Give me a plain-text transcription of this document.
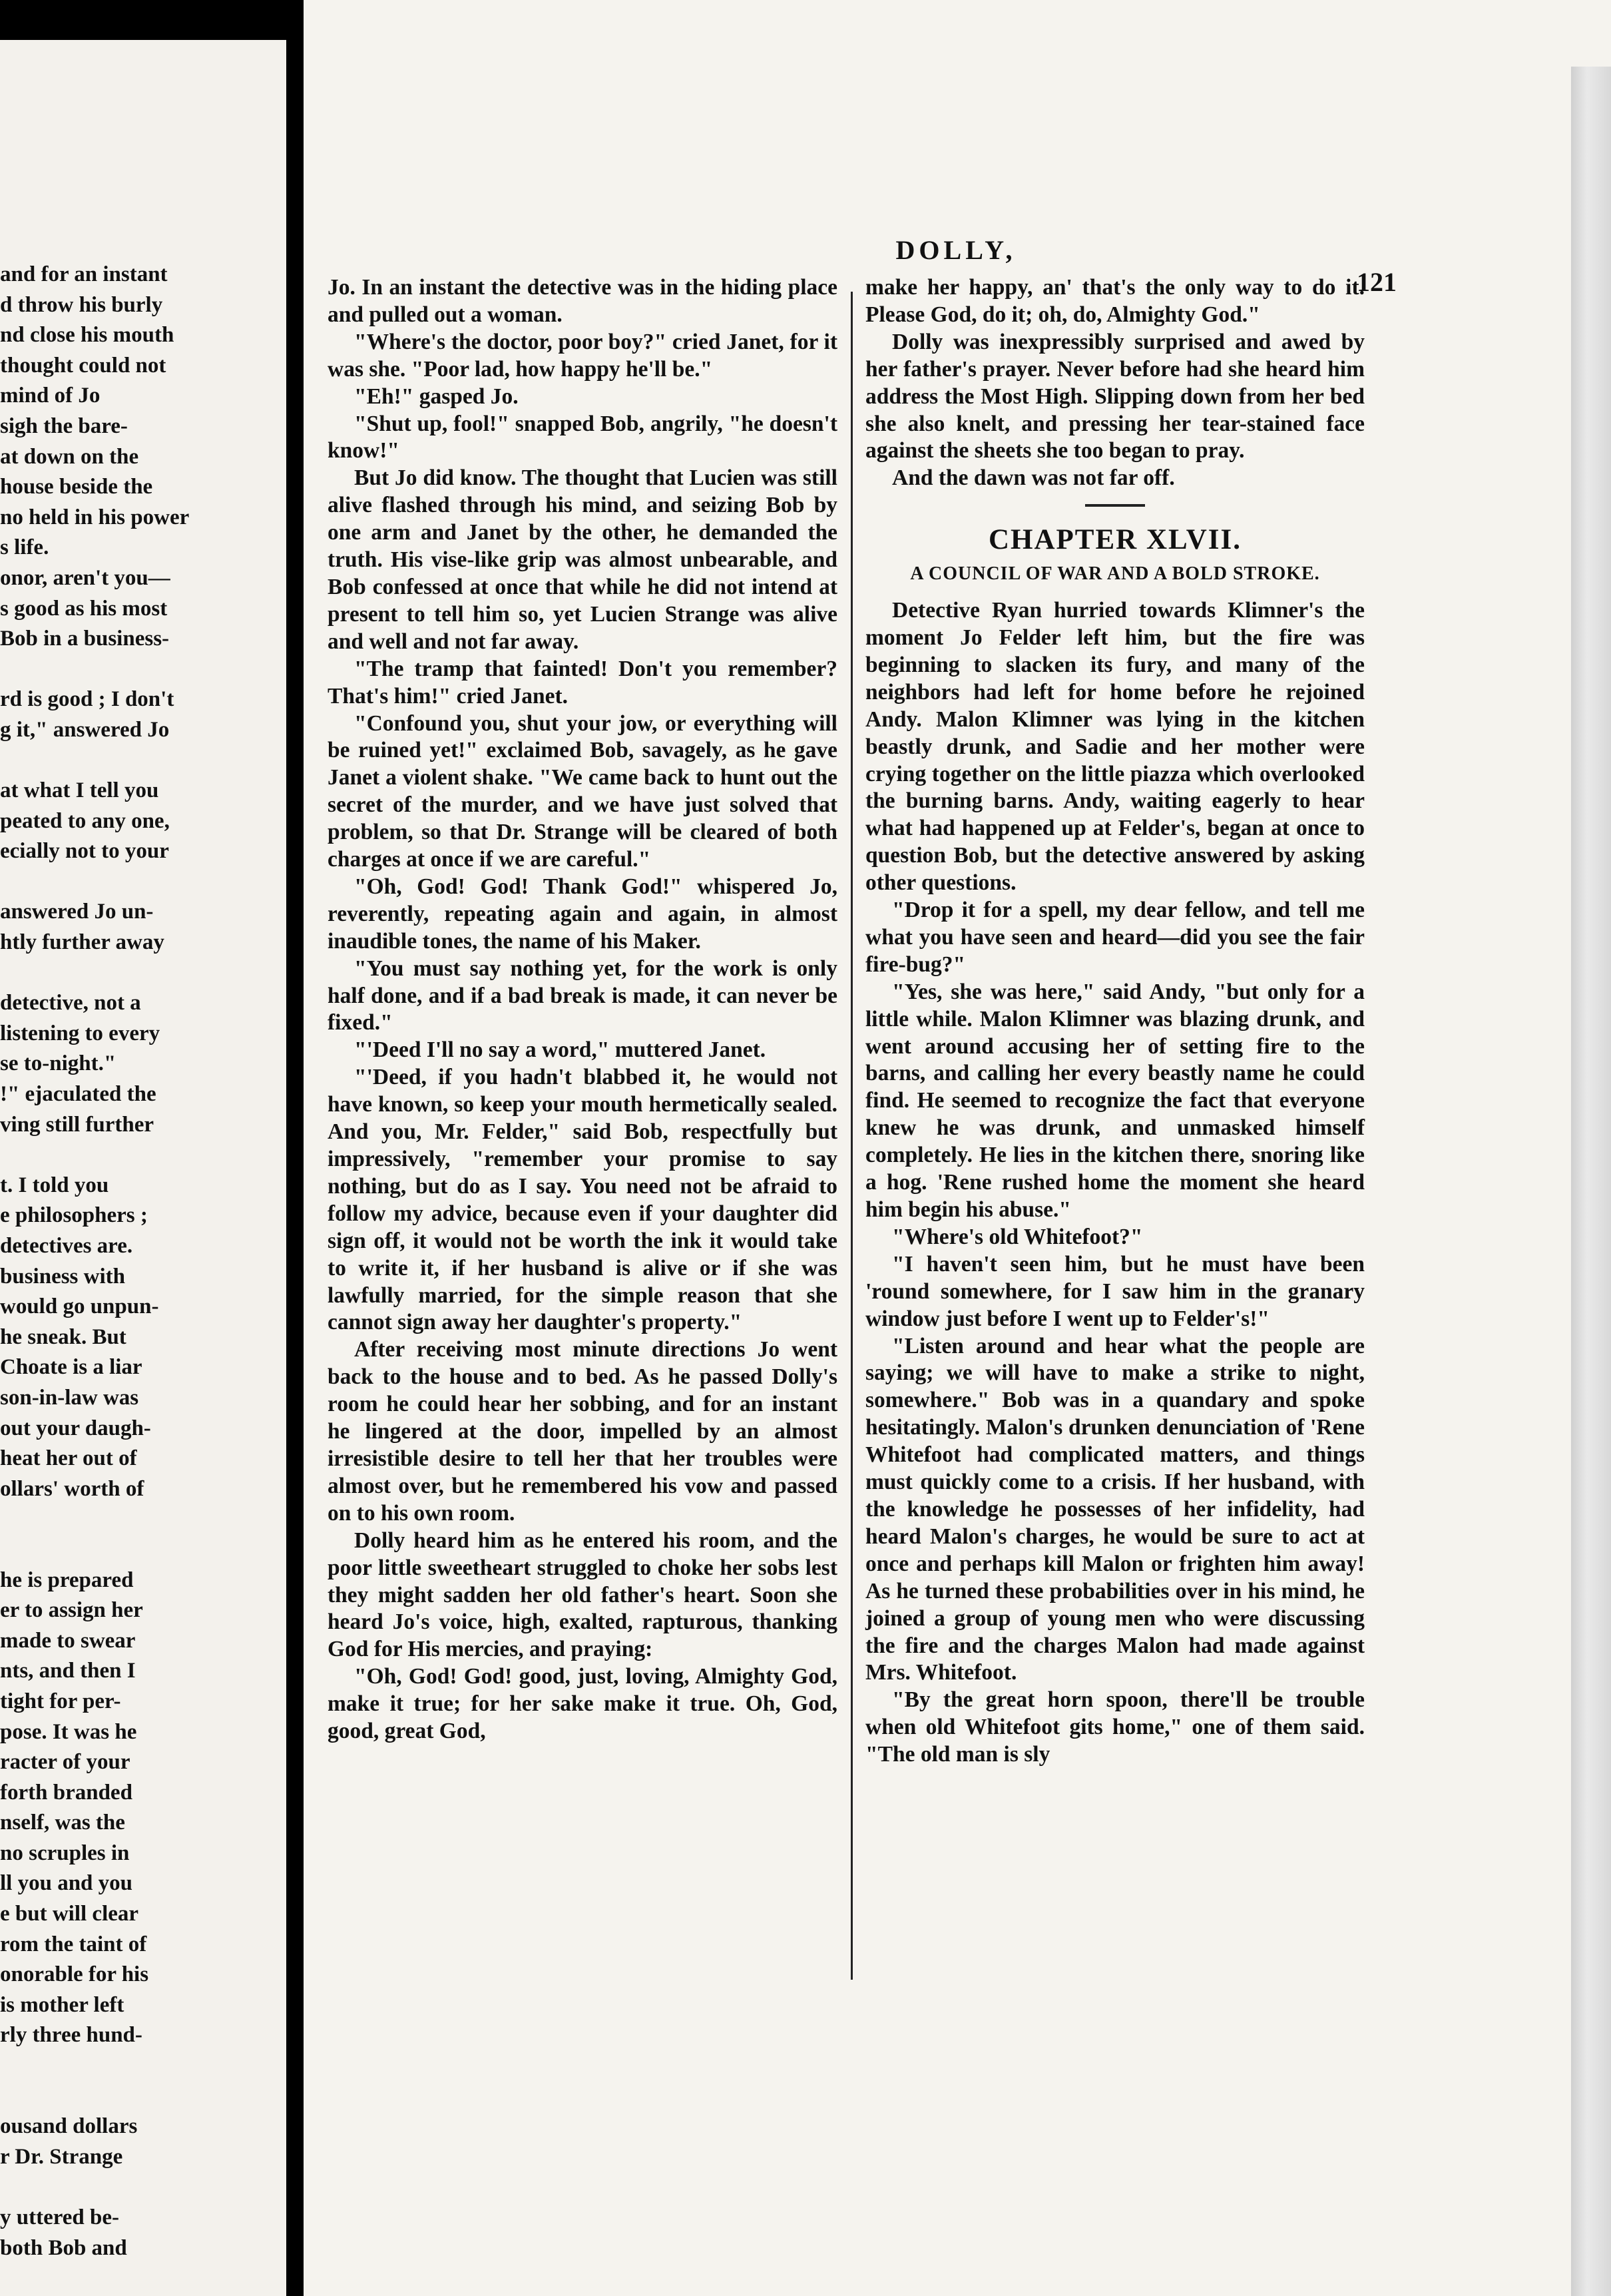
and for an instant
d throw his burly
nd close his mouth
thought could not
mind of Jo
sigh the bare-
at down on the
house beside the
no held in his power
s life.
onor, aren't you—
s good as his most
Bob in a business-
rd is good ; I don't
g it," answered Jo
at what I tell you
peated to any one,
ecially not to your
answered Jo un-
htly further away
detective, not a
listening to every
se to-night."
!" ejaculated the
ving still further
t. I told you
e philosophers ;
detectives are.
business with
would go unpun-
he sneak. But
Choate is a liar
son-in-law was
out your daugh-
heat her out of
ollars' worth of
he is prepared
er to assign her
made to swear
nts, and then I
tight for per-
pose. It was he
racter of your
forth branded
nself, was the
no scruples in
ll you and you
e but will clear
rom the taint of
onorable for his
is mother left
rly three hund-
ousand dollars
r Dr. Strange
y uttered be-
both Bob and
DOLLY,
121

Jo. In an instant the detective was in the hiding place and pulled out a woman.

"Where's the doctor, poor boy?" cried Janet, for it was she. "Poor lad, how happy he'll be."

"Eh!" gasped Jo.

"Shut up, fool!" snapped Bob, angrily, "he doesn't know!"

But Jo did know. The thought that Lucien was still alive flashed through his mind, and seizing Bob by one arm and Janet by the other, he demanded the truth. His vise-like grip was almost unbearable, and Bob confessed at once that while he did not intend at present to tell him so, yet Lucien Strange was alive and well and not far away.

"The tramp that fainted! Don't you remember? That's him!" cried Janet.

"Confound you, shut your jow, or everything will be ruined yet!" exclaimed Bob, savagely, as he gave Janet a violent shake. "We came back to hunt out the secret of the murder, and we have just solved that problem, so that Dr. Strange will be cleared of both charges at once if we are careful."

"Oh, God! God! Thank God!" whispered Jo, reverently, repeating again and again, in almost inaudible tones, the name of his Maker.

"You must say nothing yet, for the work is only half done, and if a bad break is made, it can never be fixed."

"'Deed I'll no say a word," muttered Janet.

"'Deed, if you hadn't blabbed it, he would not have known, so keep your mouth hermetically sealed. And you, Mr. Felder," said Bob, respectfully but impressively, "remember your promise to say nothing, but do as I say. You need not be afraid to follow my advice, because even if your daughter did sign off, it would not be worth the ink it would take to write it, if her husband is alive or if she was lawfully married, for the simple reason that she cannot sign away her daughter's property."

After receiving most minute directions Jo went back to the house and to bed. As he passed Dolly's room he could hear her sobbing, and for an instant he lingered at the door, impelled by an almost irresistible desire to tell her that her troubles were almost over, but he remembered his vow and passed on to his own room.

Dolly heard him as he entered his room, and the poor little sweetheart struggled to choke her sobs lest they might sadden her old father's heart. Soon she heard Jo's voice, high, exalted, rapturous, thanking God for His mercies, and praying:

"Oh, God! God! good, just, loving, Almighty God, make it true; for her sake make it true. Oh, God, good, great God,

make her happy, an' that's the only way to do it. Please God, do it; oh, do, Almighty God."

Dolly was inexpressibly surprised and awed by her father's prayer. Never before had she heard him address the Most High. Slipping down from her bed she also knelt, and pressing her tear-stained face against the sheets she too began to pray.

And the dawn was not far off.

CHAPTER XLVII.
A COUNCIL OF WAR AND A BOLD STROKE.

Detective Ryan hurried towards Klimner's the moment Jo Felder left him, but the fire was beginning to slacken its fury, and many of the neighbors had left for home before he rejoined Andy. Malon Klimner was lying in the kitchen beastly drunk, and Sadie and her mother were crying together on the little piazza which overlooked the burning barns. Andy, waiting eagerly to hear what had happened up at Felder's, began at once to question Bob, but the detective answered by asking other questions.

"Drop it for a spell, my dear fellow, and tell me what you have seen and heard—did you see the fair fire-bug?"

"Yes, she was here," said Andy, "but only for a little while. Malon Klimner was blazing drunk, and went around accusing her of setting fire to the barns, and calling her every beastly name he could find. He seemed to recognize the fact that everyone knew he was drunk, and unmasked himself completely. He lies in the kitchen there, snoring like a hog. 'Rene rushed home the moment she heard him begin his abuse."

"Where's old Whitefoot?"

"I haven't seen him, but he must have been 'round somewhere, for I saw him in the granary window just before I went up to Felder's!"

"Listen around and hear what the people are saying; we will have to make a strike to night, somewhere." Bob was in a quandary and spoke hesitatingly. Malon's drunken denunciation of 'Rene Whitefoot had complicated matters, and things must quickly come to a crisis. If her husband, with the knowledge he possesses of her infidelity, had heard Malon's charges, he would be sure to act at once and perhaps kill Malon or frighten him away! As he turned these probabilities over in his mind, he joined a group of young men who were discussing the fire and the charges Malon had made against Mrs. Whitefoot.

"By the great horn spoon, there'll be trouble when old Whitefoot gits home," one of them said. "The old man is sly
